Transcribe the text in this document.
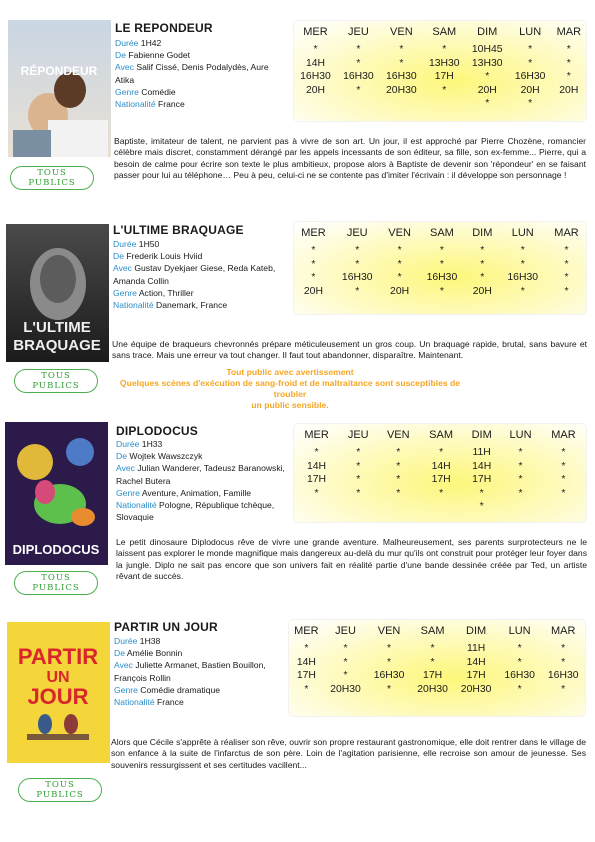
RÉPONDEUR
LE REPONDEUR
Durée 1H42
De Fabienne Godet
Avec Salif Cissé, Denis Podalydès, Aure Atika
Genre Comédie
Nationalité France
MER	JEU	VEN	SAM	DIM	LUN	MAR
*	*	*	*	10H45	*	*
14H	*	*	13H30	13H30	*	*
16H30	16H30	16H30	17H	*	16H30	*
20H	*	20H30	*	20H	20H	20H
				*	*	
Baptiste, imitateur de talent, ne parvient pas à vivre de son art. Un jour, il est approché par Pierre Chozène, romancier célèbre mais discret, constamment dérangé par les appels incessants de son éditeur, sa fille, son ex-femme... Pierre, qui a besoin de calme pour écrire son texte le plus ambitieux, propose alors à Baptiste de devenir son 'répondeur' en se faisant passer pour lui au téléphone… Peu à peu, celui-ci ne se contente pas d'imiter l'écrivain : il développe son personnage !
TOUS
PUBLICS
L'ULTIME
BRAQUAGE
L'ULTIME BRAQUAGE
Durée 1H50
De Frederik Louis Hviid
Avec Gustav Dyekjaer Giese, Reda Kateb, Amanda Collin
Genre Action, Thriller
Nationalité Danemark, France
MER	JEU	VEN	SAM	DIM	LUN	MAR
*	*	*	*	*	*	*
*	*	*	*	*	*	*
*	16H30	*	16H30	*	16H30	*
20H	*	20H	*	20H	*	*
Une équipe de braqueurs chevronnés prépare méticuleusement un gros coup. Un braquage rapide, brutal, sans bavure et sans trace. Mais une erreur va tout changer. Il faut tout abandonner, disparaître. Maintenant.
TOUS
PUBLICS
Tout public avec avertissement
Quelques scènes d'exécution de sang-froid et de maltraitance sont susceptibles de troubler
un public sensible.
DIPLODOCUS
DIPLODOCUS
Durée 1H33
De Wojtek Wawszczyk
Avec Julian Wanderer, Tadeusz Baranowski, Rachel Butera
Genre Aventure, Animation, Famille
Nationalité Pologne, République tchèque, Slovaquie
MER	JEU	VEN	SAM	DIM	LUN	MAR
*	*	*	*	11H	*	*
14H	*	*	14H	14H	*	*
17H	*	*	17H	17H	*	*
*	*	*	*	*	*	*
				*		
Le petit dinosaure Diplodocus rêve de vivre une grande aventure. Malheureusement, ses parents surprotecteurs ne le laissent pas explorer le monde magnifique mais dangereux au-delà du mur qu'ils ont construit pour protéger leur foyer dans la jungle. Diplo ne sait pas encore que son univers fait en réalité partie d'une bande dessinée créée par Ted, un artiste rêvant de succès.
TOUS
PUBLICS
PARTIR
UN
JOUR
PARTIR UN JOUR
Durée 1H38
De Amélie Bonnin
Avec Juliette Armanet, Bastien Bouillon, François Rollin
Genre Comédie dramatique
Nationalité France
MER	JEU	VEN	SAM	DIM	LUN	MAR
*	*	*	*	11H	*	*
14H	*	*	*	14H	*	*
17H	*	16H30	17H	17H	16H30	16H30
*	20H30	*	20H30	20H30	*	*
Alors que Cécile s'apprête à réaliser son rêve, ouvrir son propre restaurant gastronomique, elle doit rentrer dans le village de son enfance à la suite de l'infarctus de son père. Loin de l'agitation parisienne, elle recroise son amour de jeunesse. Ses souvenirs ressurgissent et ses certitudes vacillent...
TOUS
PUBLICS
